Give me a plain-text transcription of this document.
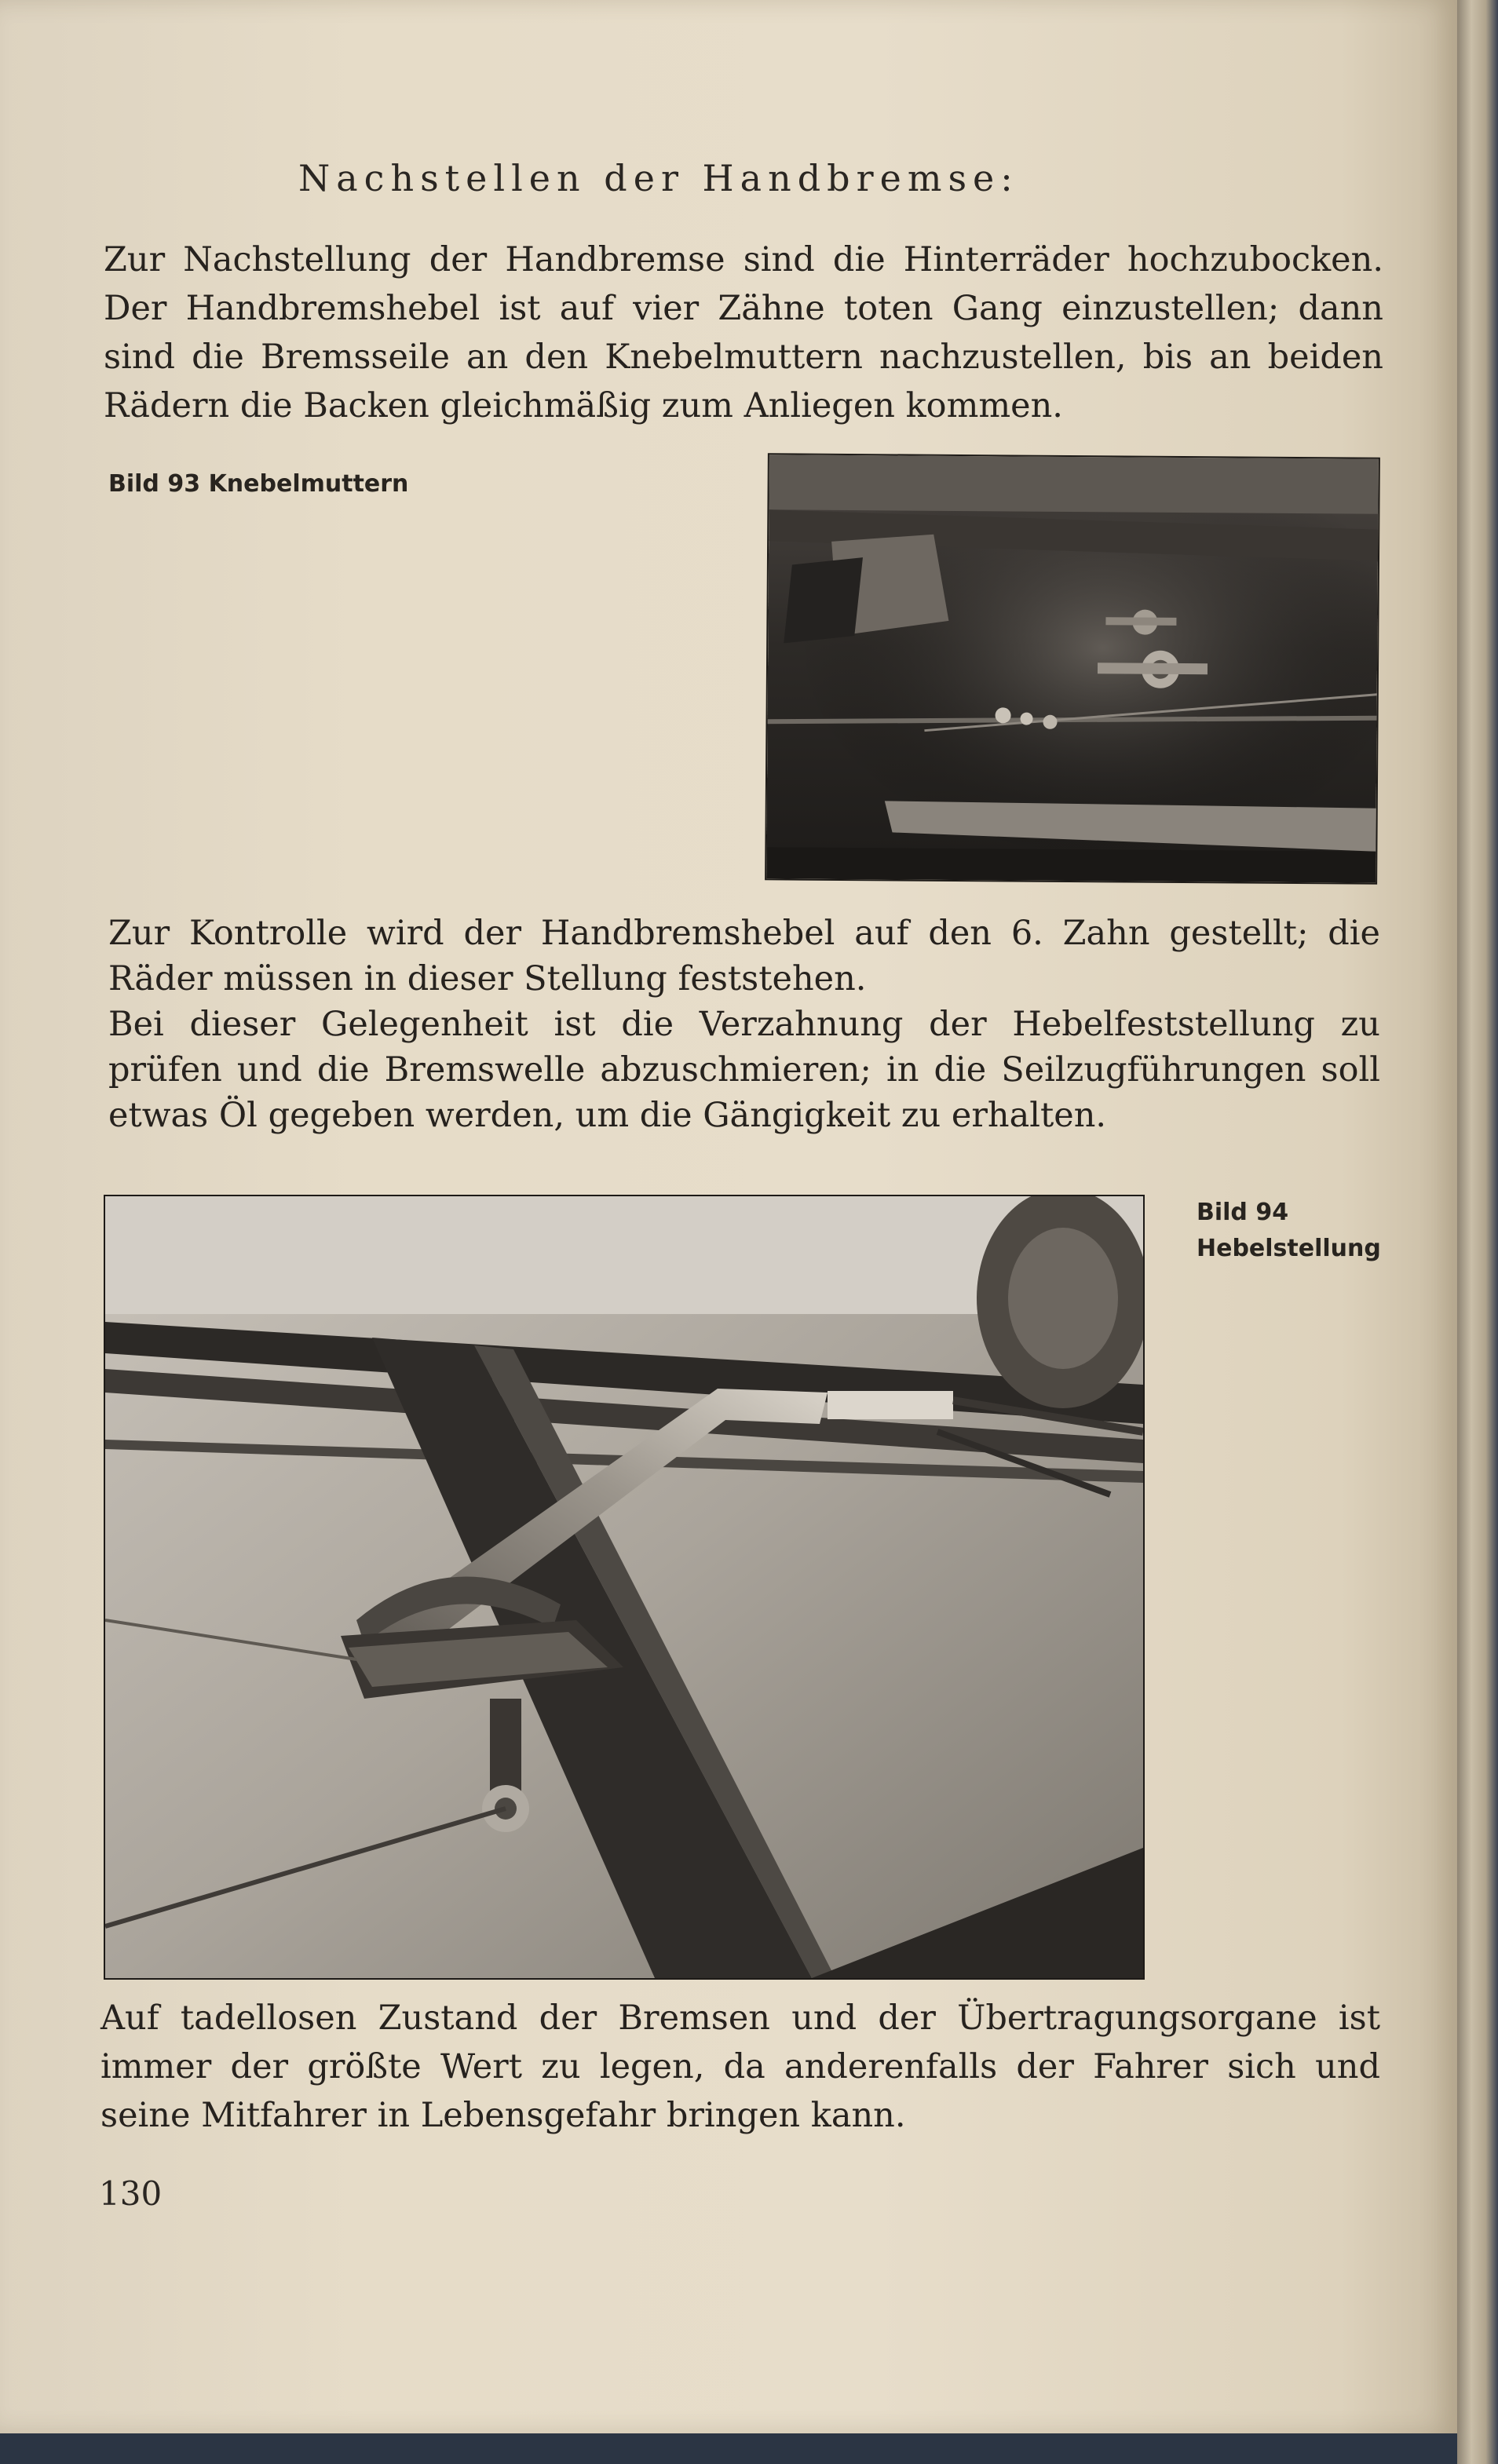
Nachstellen der Handbremse:

Zur Nachstellung der Handbremse sind die Hinterräder hochzubocken. Der Handbremshebel ist auf vier Zähne toten Gang einzustellen; dann sind die Bremsseile an den Knebelmuttern nachzustellen, bis an beiden Rädern die Backen gleichmäßig zum Anliegen kommen.

Bild 93 Knebelmuttern

Zur Kontrolle wird der Handbremshebel auf den 6. Zahn gestellt; die Räder müssen in dieser Stellung feststehen.

Bei dieser Gelegenheit ist die Verzahnung der Hebelfeststellung zu prüfen und die Bremswelle abzuschmieren; in die Seilzugführungen soll etwas Öl gegeben werden, um die Gängigkeit zu erhalten.

Bild 94
Hebelstellung

Auf tadellosen Zustand der Bremsen und der Übertragungsorgane ist immer der größte Wert zu legen, da anderenfalls der Fahrer sich und seine Mitfahrer in Lebensgefahr bringen kann.

130
